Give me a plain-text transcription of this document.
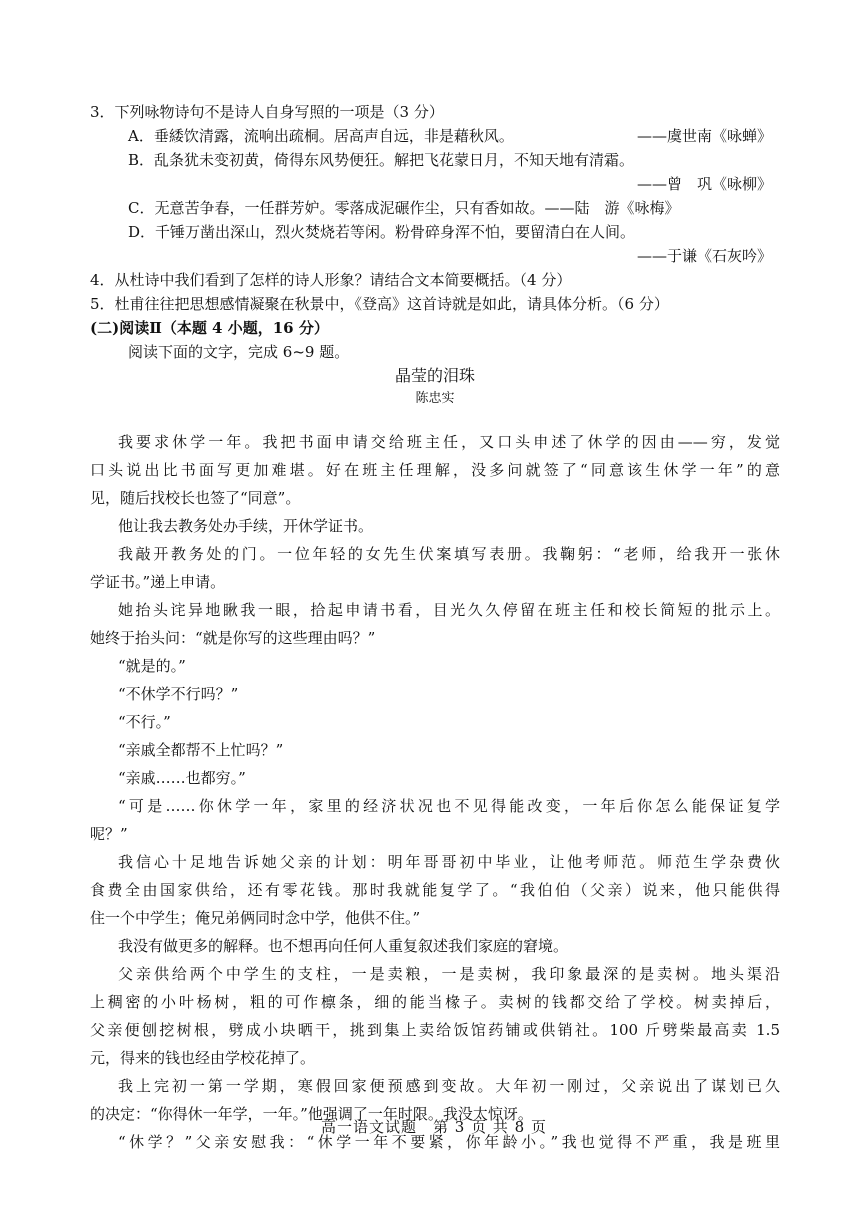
3．下列咏物诗句不是诗人自身写照的一项是（3 分）
A．垂緌饮清露，流响出疏桐。居高声自远，非是藉秋风。	——虞世南《咏蝉》
B．乱条犹未变初黄，倚得东风势便狂。解把飞花蒙日月，不知天地有清霜。
——曾　巩《咏柳》
C．无意苦争春，一任群芳妒。零落成泥碾作尘，只有香如故。——陆　游《咏梅》
D．千锤万凿出深山，烈火焚烧若等闲。粉骨碎身浑不怕，要留清白在人间。
——于谦《石灰吟》
4．从杜诗中我们看到了怎样的诗人形象？请结合文本简要概括。（4 分）
5．杜甫往往把思想感情凝聚在秋景中，《登高》这首诗就是如此，请具体分析。（6 分）
(二)阅读Ⅱ（本题 4 小题，16 分）
阅读下面的文字，完成 6~9 题。
晶莹的泪珠
陈忠实
我要求休学一年。我把书面申请交给班主任，又口头申述了休学的因由——穷，发觉
口头说出比书面写更加难堪。好在班主任理解，没多问就签了“同意该生休学一年”的意
见，随后找校长也签了“同意”。
他让我去教务处办手续，开休学证书。
我敲开教务处的门。一位年轻的女先生伏案填写表册。我鞠躬：“老师，给我开一张休
学证书。”递上申请。
她抬头诧异地瞅我一眼，拾起申请书看，目光久久停留在班主任和校长简短的批示上。
她终于抬头问：“就是你写的这些理由吗？”
“就是的。”
“不休学不行吗？”
“不行。”
“亲戚全都帮不上忙吗？”
“亲戚……也都穷。”
“可是……你休学一年，家里的经济状况也不见得能改变，一年后你怎么能保证复学
呢？”
我信心十足地告诉她父亲的计划：明年哥哥初中毕业，让他考师范。师范生学杂费伙
食费全由国家供给，还有零花钱。那时我就能复学了。“我伯伯（父亲）说来，他只能供得
住一个中学生；俺兄弟俩同时念中学，他供不住。”
我没有做更多的解释。也不想再向任何人重复叙述我们家庭的窘境。
父亲供给两个中学生的支柱，一是卖粮，一是卖树，我印象最深的是卖树。地头渠沿
上稠密的小叶杨树，粗的可作檩条，细的能当椽子。卖树的钱都交给了学校。树卖掉后，
父亲便刨挖树根，劈成小块晒干，挑到集上卖给饭馆药铺或供销社。100 斤劈柴最高卖 1.5
元，得来的钱也经由学校花掉了。
我上完初一第一学期，寒假回家便预感到变故。大年初一刚过，父亲说出了谋划已久
的决定：“你得休一年学，一年。”他强调了一年时限。我没太惊讶。
“休学？”父亲安慰我：“休学一年不要紧，你年龄小。”我也觉得不严重，我是班里
高一语文试题　第 3 页 共 8 页
